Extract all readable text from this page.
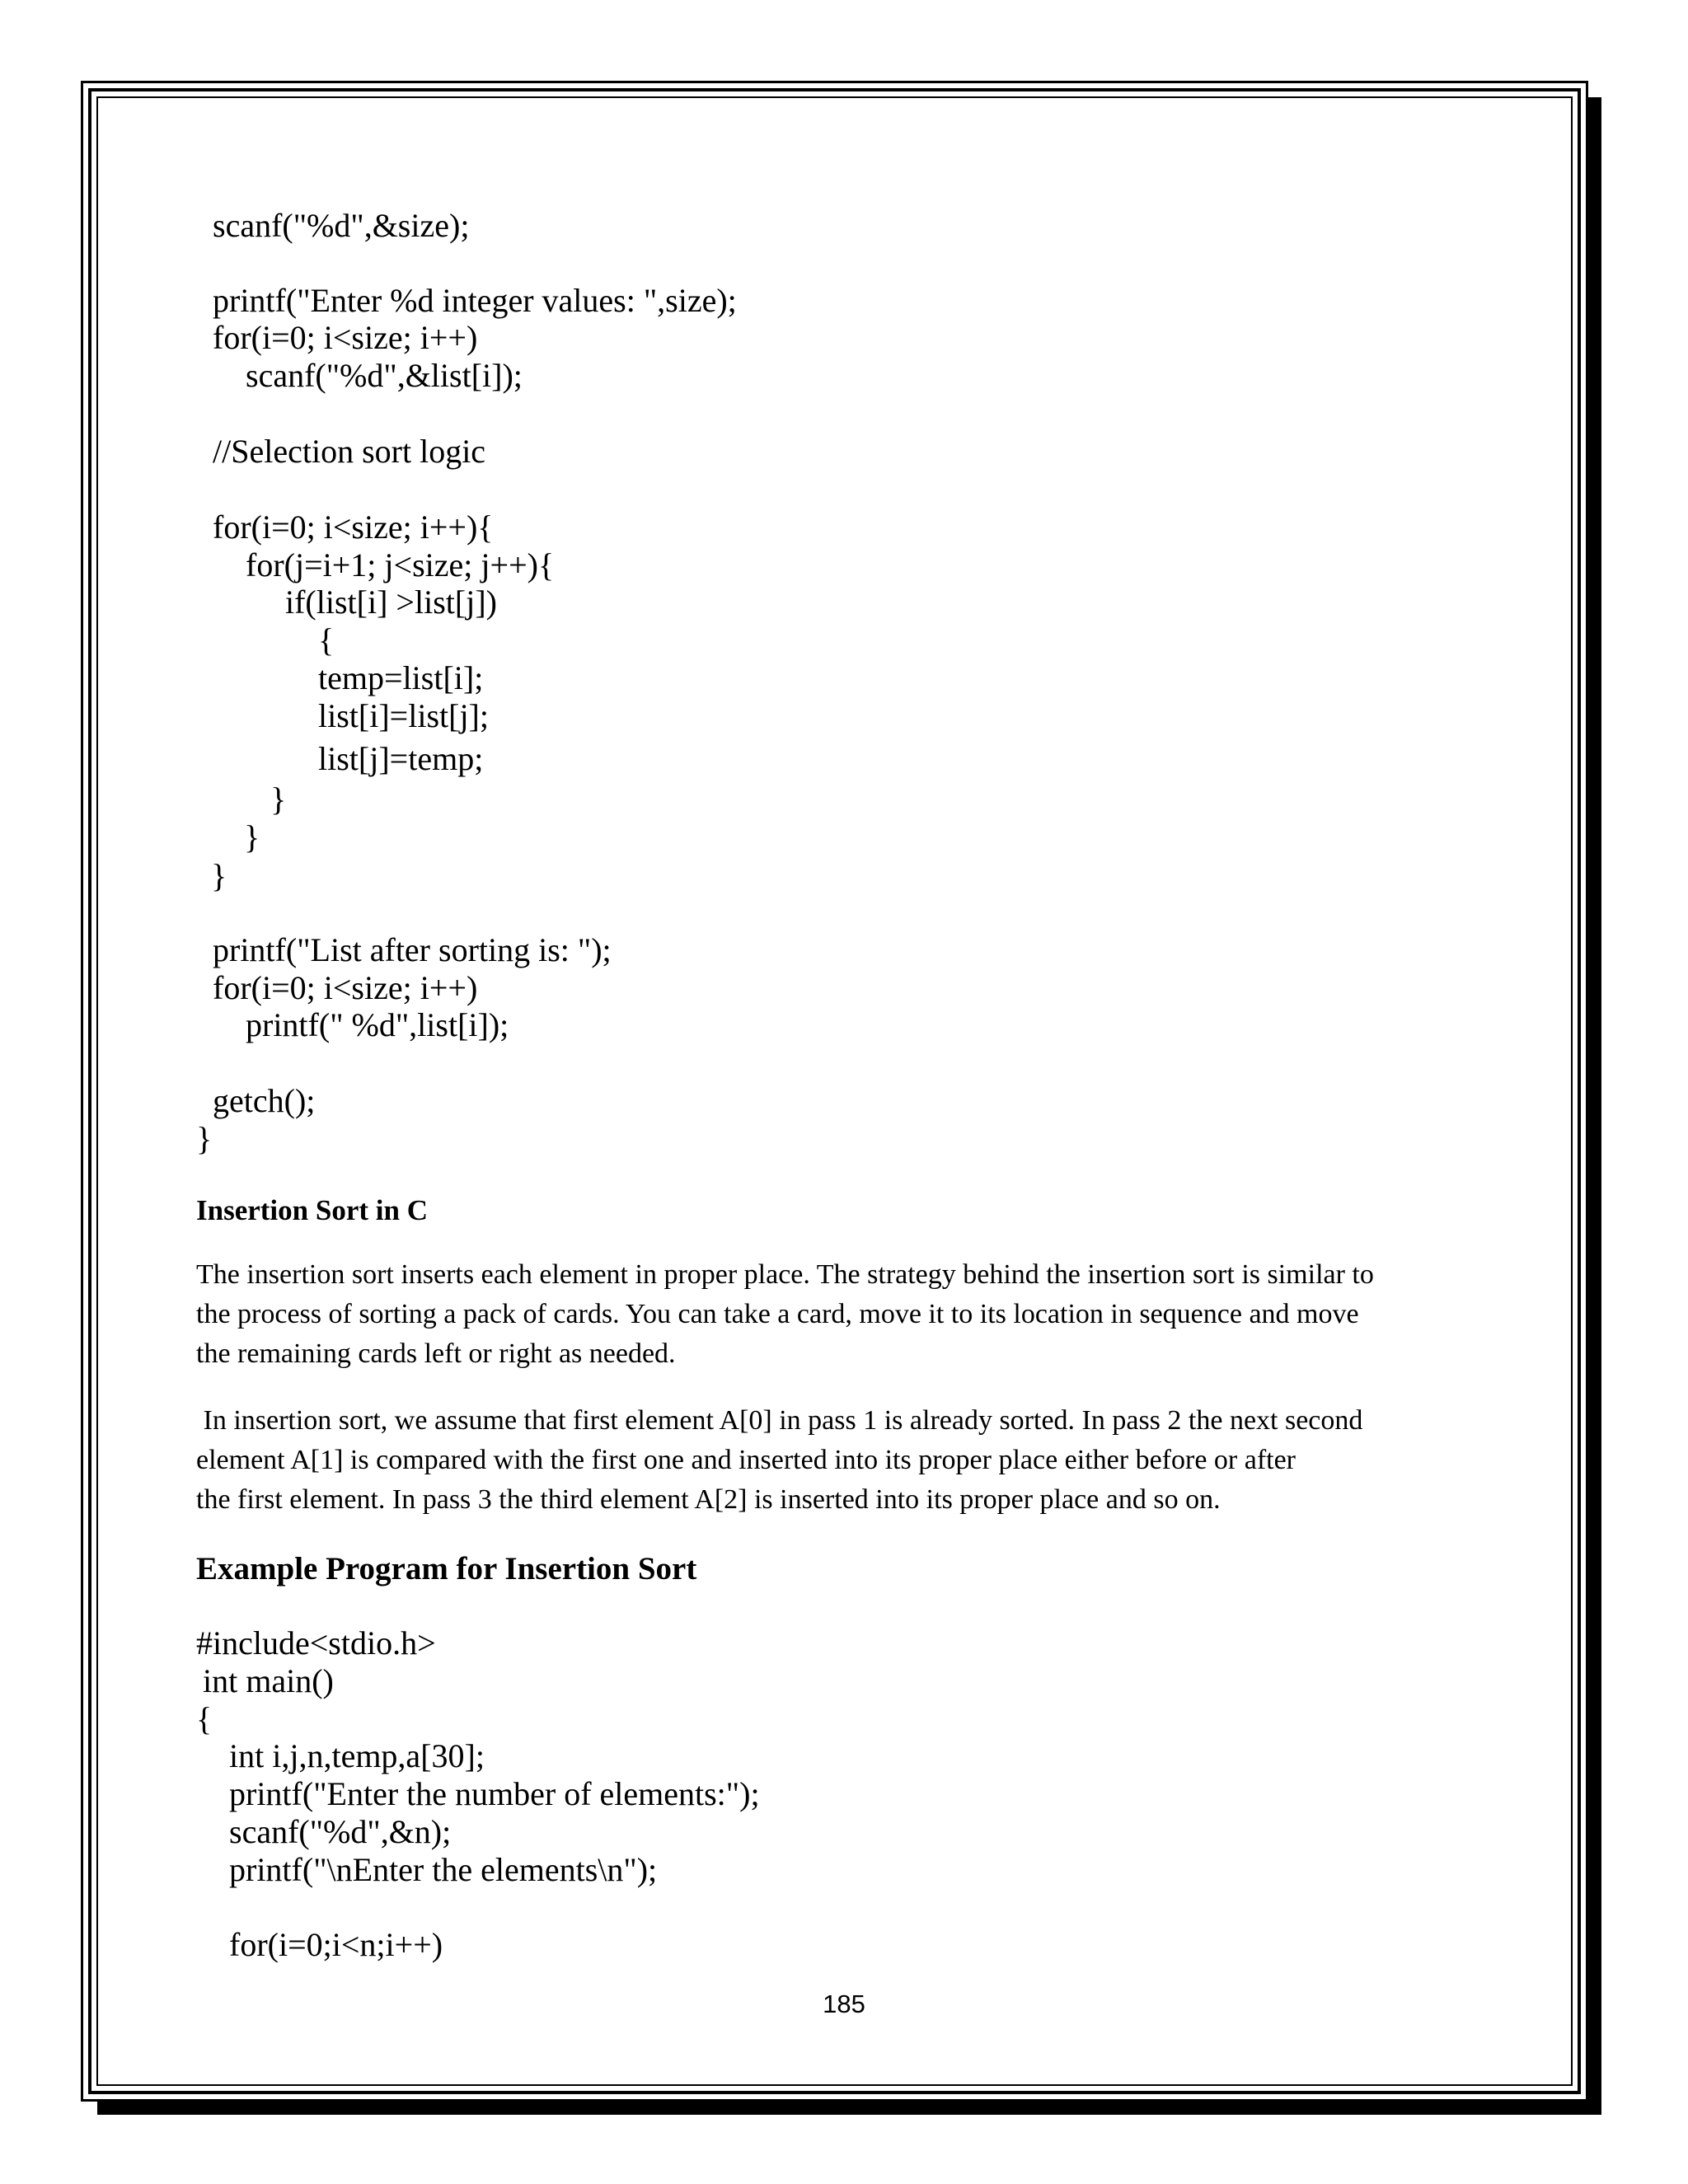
scanf("%d",&size);
printf("Enter %d integer values: ",size);
for(i=0; i<size; i++)
scanf("%d",&list[i]);
//Selection sort logic
for(i=0; i<size; i++){
for(j=i+1; j<size; j++){
if(list[i] >list[j])
{
temp=list[i];
list[i]=list[j];
list[j]=temp;
}
}
}
printf("List after sorting is: ");
for(i=0; i<size; i++)
printf(" %d",list[i]);
getch();
}
Insertion Sort in C
The insertion sort inserts each element in proper place. The strategy behind the insertion sort is similar to
the process of sorting a pack of cards. You can take a card, move it to its location in sequence and move
the remaining cards left or right as needed.
In insertion sort, we assume that first element A[0] in pass 1 is already sorted. In pass 2 the next second
element A[1] is compared with the first one and inserted into its proper place either before or after
the first element. In pass 3 the third element A[2] is inserted into its proper place and so on.
Example Program for Insertion Sort
#include<stdio.h>
int main()
{
int i,j,n,temp,a[30];
printf("Enter the number of elements:");
scanf("%d",&n);
printf("\nEnter the elements\n");
for(i=0;i<n;i++)
185
